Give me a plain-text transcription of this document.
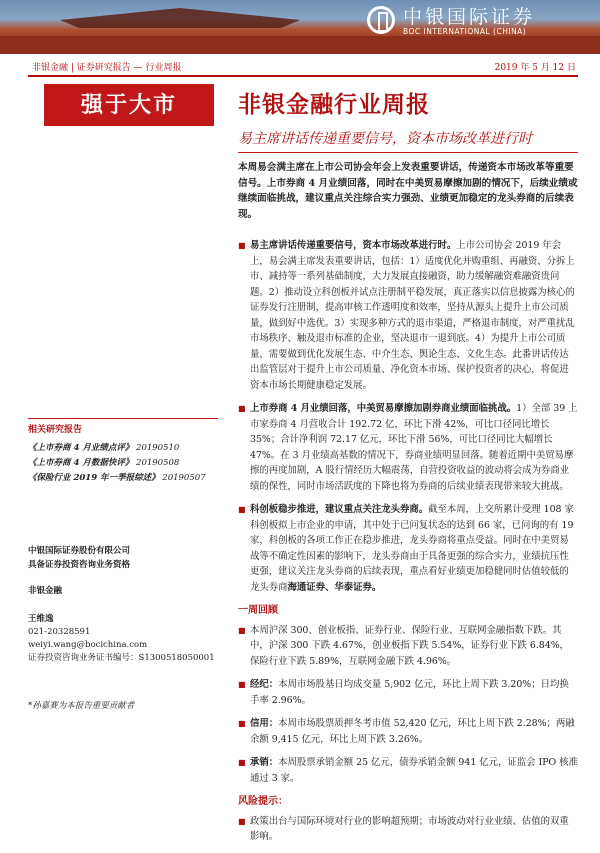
中银国际证券
BOC INTERNATIONAL (CHINA)
非银金融 | 证券研究报告 — 行业周报	2019 年 5 月 12 日
强于大市	非银金融行业周报
易主席讲话传递重要信号，资本市场改革进行时
本周易会满主席在上市公司协会年会上发表重要讲话，传递资本市场改革等重要信号。上市券商 4 月业绩回落，同时在中美贸易摩擦加剧的情况下，后续业绩或继续面临挑战，建议重点关注综合实力强劲、业绩更加稳定的龙头券商的后续表现。
■ 易主席讲话传递重要信号，资本市场改革进行时。上市公司协会 2019 年会上，易会满主席发表重要讲话，包括：1）适度优化并购重组、再融资、分拆上市、减持等一系列基础制度，大力发展直接融资，助力缓解融资难融资贵问题。2）推动设立科创板并试点注册制平稳发展，真正落实以信息披露为核心的证券发行注册制，提高审核工作透明度和效率，坚持从源头上提升上市公司质量，做到好中选优。3）实现多种方式的退市渠道，严格退市制度，对严重扰乱市场秩序、触及退市标准的企业，坚决退市一退到底。4）为提升上市公司质量，需要做到优化发展生态、中介生态、舆论生态、文化生态。此番讲话传达出监管层对于提升上市公司质量、净化资本市场、保护投资者的决心，将促进资本市场长期健康稳定发展。
■ 上市券商 4 月业绩回落，中美贸易摩擦加剧券商业绩面临挑战。1）全部 39 上市家券商 4 月营收合计 192.72 亿，环比下滑 42%，可比口径同比增长 35%；合计净利润 72.17 亿元，环比下滑 56%，可比口径同比大幅增长 47%。在 3 月业绩高基数的情况下，券商业绩明显回落。随着近期中美贸易摩擦的再度加剧，A 股行情经历大幅震荡，自营投资收益的波动将会成为券商业绩的保性，同时市场活跃度的下降也将为券商的后续业绩表现带来较大挑战。
■ 科创板稳步推进，建议重点关注龙头券商。截至本周，上交所累计受理 108 家科创板拟上市企业的申请，其中处于已问复状态的达到 66 家，已问询的有 19 家，科创板的各项工作正在稳步推进，龙头券商将重点受益。同时在中美贸易战等不确定性因素的影响下，龙头券商由于具备更强的综合实力，业绩抗压性更强，建议关注龙头券商的后续表现，重点看好业绩更加稳健同时估值较低的龙头券商海通证券、华泰证券。
一周回顾
■ 本周沪深 300、创业板指、证券行业、保险行业、互联网金融指数下跌。其中，沪深 300 下跌 4.67%，创业板指下跌 5.54%，证券行业下跌 6.84%，保险行业下跌 5.89%，互联网金融下跌 4.96%。
■ 经纪：本周市场股基日均成交量 5,902 亿元，环比上周下跌 3.20%；日均换手率 2.96%。
■ 信用：本周市场股票质押冬考市值 52,420 亿元，环比上周下跌 2.28%；两融余额 9,415 亿元，环比上周下跌 3.26%。
■ 承销：本周股票承销金额 25 亿元，债券承销金额 941 亿元，证监会 IPO 核准通过 3 家。
风险提示：
■ 政策出台与国际环境对行业的影响超预期；市场波动对行业业绩、估值的双重影响。
相关研究报告
《上市券商 4 月业绩点评》 20190510
《上市券商 4 月数据快评》 20190508
《保险行业 2019 年一季报综述》 20190507
中银国际证券股份有限公司
具备证券投资咨询业务资格
非银金融
王维逸
021-20328591
weiyi.wang@bocichina.com
证券投资咨询业务证书编号：S1300518050001
*孙嘉赛为本报告重要贡献者
